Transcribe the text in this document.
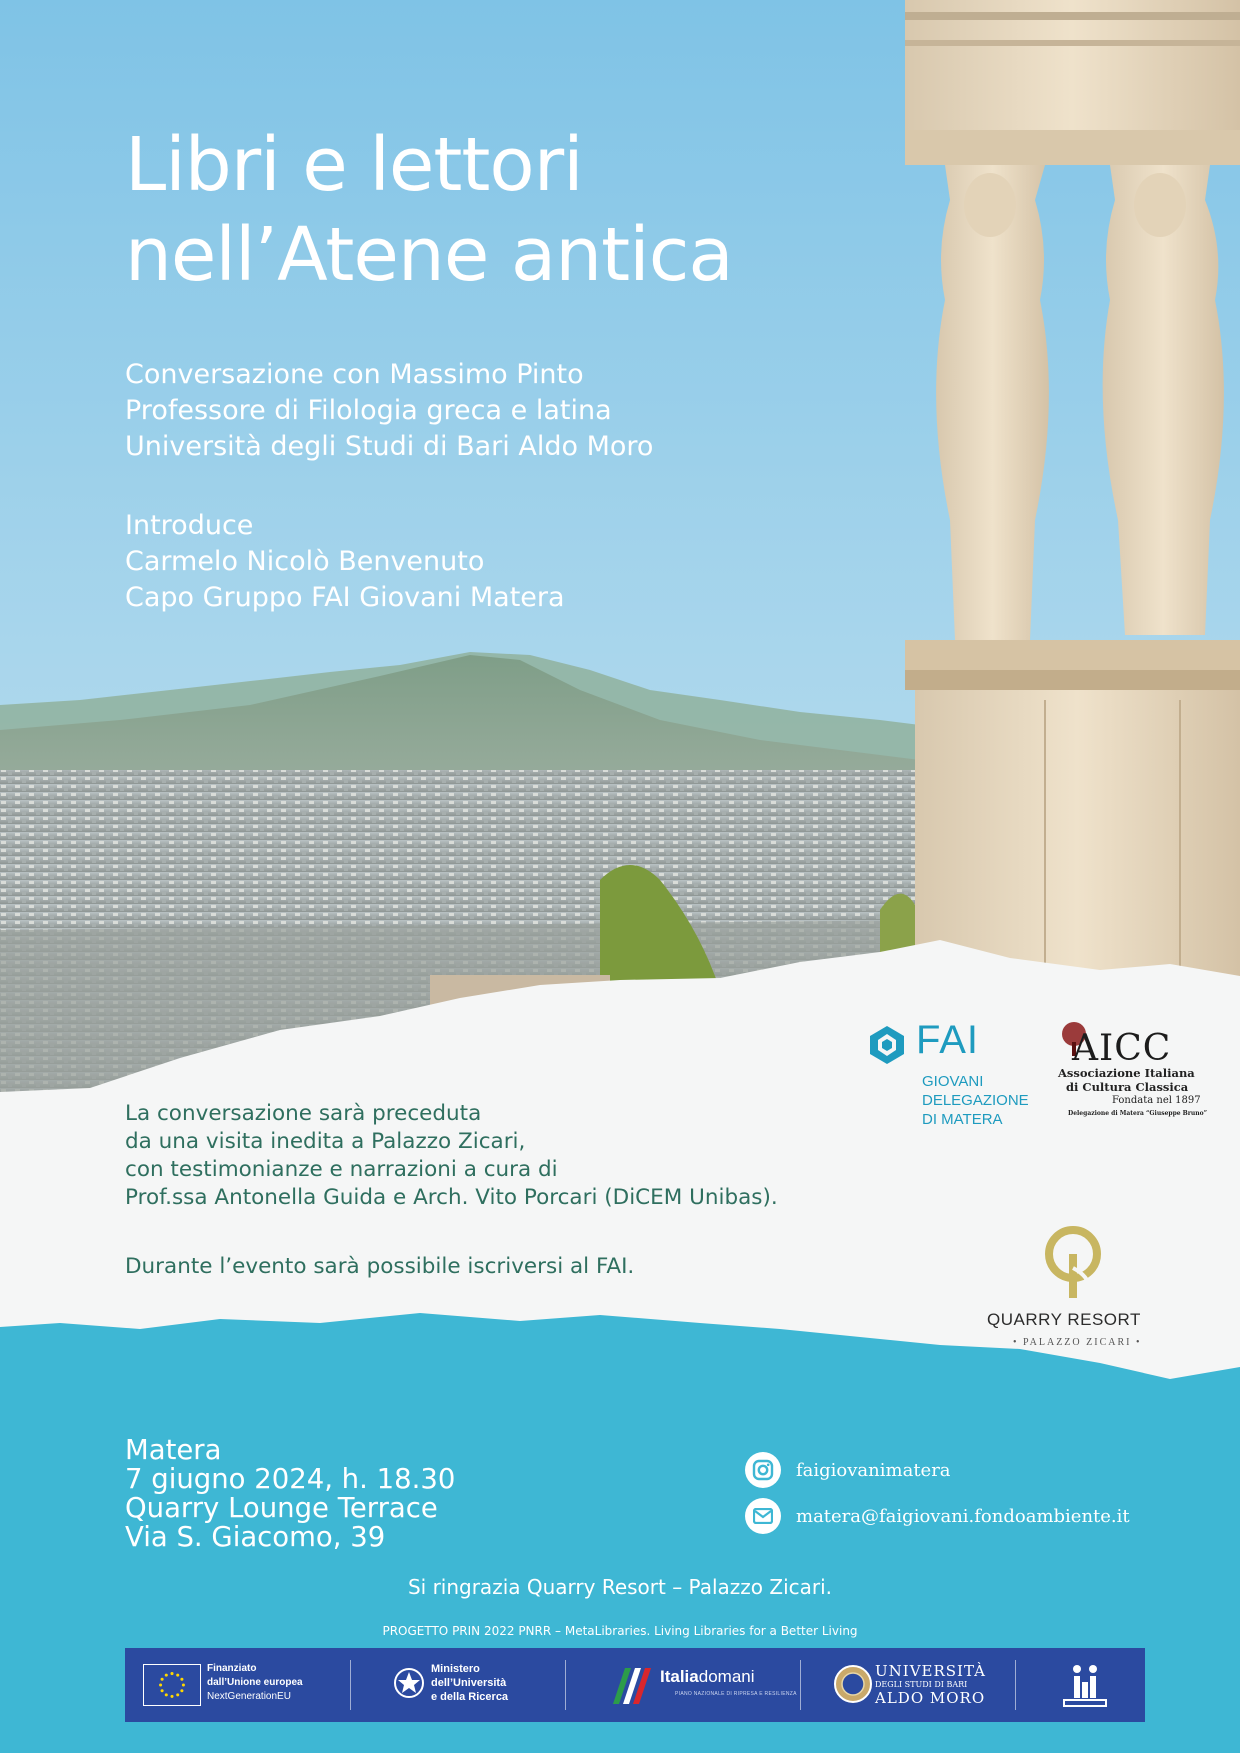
Libri e lettori
nell’Atene antica
Conversazione con Massimo Pinto
Professore di Filologia greca e latina
Università degli Studi di Bari Aldo Moro
Introduce
Carmelo Nicolò Benvenuto
Capo Gruppo FAI Giovani Matera
FAI
GIOVANI
DELEGAZIONE
DI MATERA
AICC
Associazione Italiana
di Cultura Classica
Fondata nel 1897
Delegazione di Matera “Giuseppe Bruno”
La conversazione sarà preceduta
da una visita inedita a Palazzo Zicari,
con testimonianze e narrazioni a cura di
Prof.ssa Antonella Guida e Arch. Vito Porcari (DiCEM Unibas).
Durante l’evento sarà possibile iscriversi al FAI.
QUARRY RESORT
• PALAZZO ZICARI •
Matera
7 giugno 2024, h. 18.30
Quarry Lounge Terrace
Via S. Giacomo, 39
faigiovanimatera
matera@faigiovani.fondoambiente.it
Si ringrazia Quarry Resort – Palazzo Zicari.
PROGETTO PRIN 2022 PNRR – MetaLibraries. Living Libraries for a Better Living
Finanziato
dall’Unione europea
NextGenerationEU
Ministero
dell’Università
e della Ricerca
Italiadomani
PIANO NAZIONALE DI RIPRESA E RESILIENZA
UNIVERSITÀ
DEGLI STUDI DI BARI
ALDO MORO
